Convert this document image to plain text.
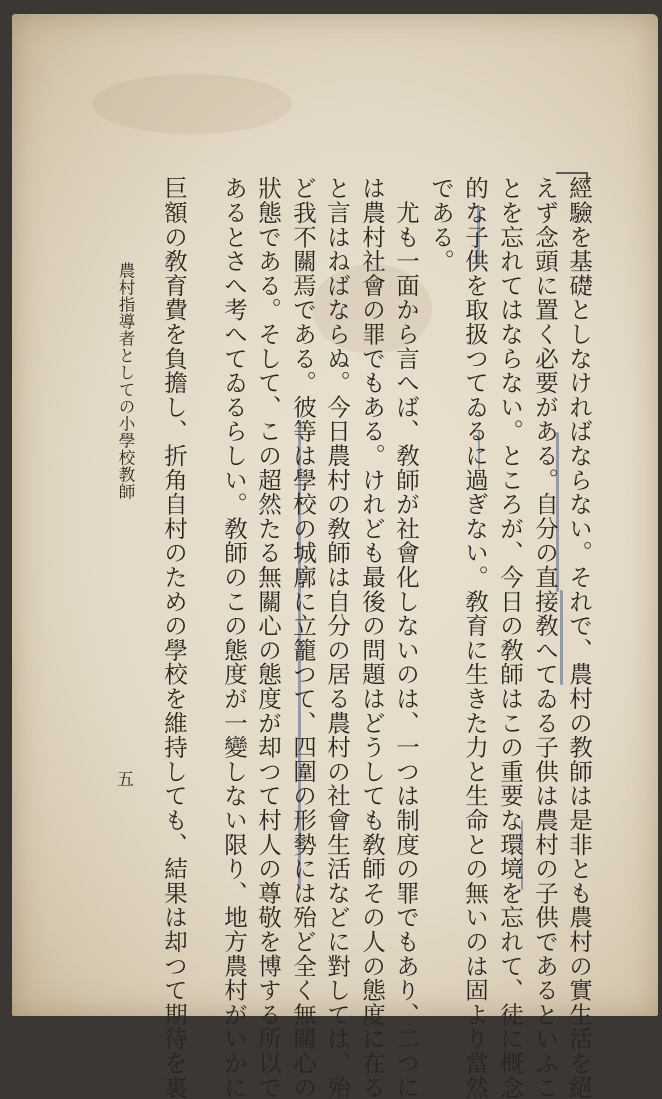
經驗を基礎としなければならない。それで、農村の教師は是非とも農村の實生活を絕
えず念頭に置く必要がある。自分の直接敎へてゐる子供は農村の子供であるといふこ
とを忘れてはならない。ところが、今日の敎師はこの重要な環境を忘れて、徒に概念
的な子供を取扱つてゐるに過ぎない。敎育に生きた力と生命との無いのは固より當然
である。
　尤も一面から言へば、敎師が社會化しないのは、一つは制度の罪でもあり、二つに
は農村社會の罪でもある。けれども最後の問題はどうしても敎師その人の態度に在る
と言はねばならぬ。今日農村の敎師は自分の居る農村の社會生活などに對しては、殆
ど我不關焉である。彼等は學校の城廓に立籠つて、四圍の形勢には殆ど全く無關心の
狀態である。そして、この超然たる無關心の態度が却つて村人の尊敬を博する所以で
あるとさへ考へてゐるらしい。敎師のこの態度が一變しない限り、地方農村がいかに
巨額の敎育費を負擔し、折角自村のための學校を維持しても、結果は却つて期待を裏
農村指導者としての小學校教師
五
